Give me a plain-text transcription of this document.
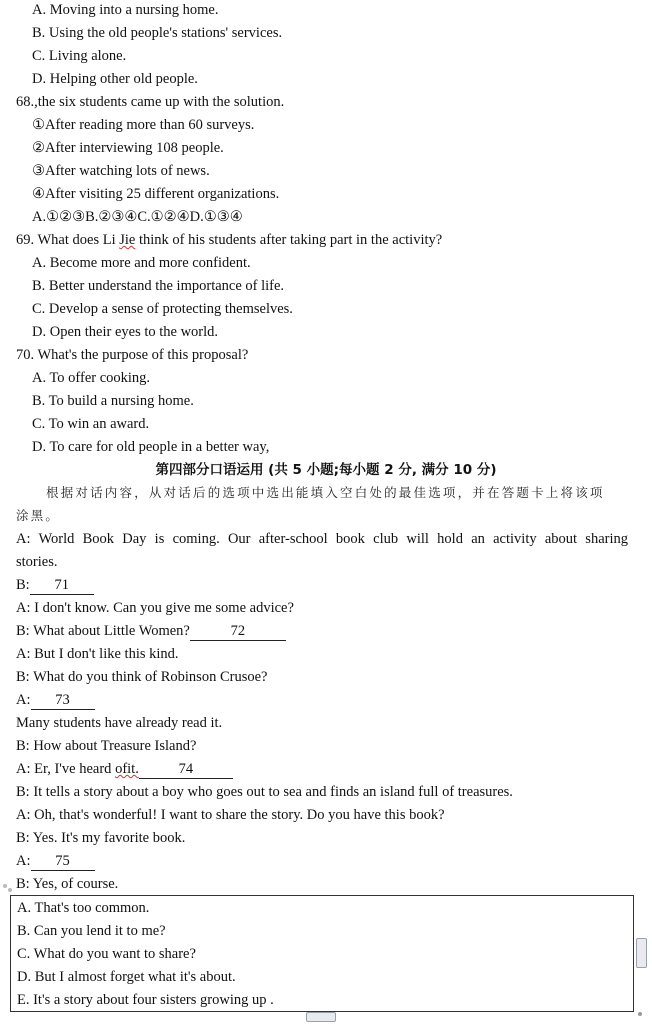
A. Moving into a nursing home.
B. Using the old people's stations' services.
C. Living alone.
D. Helping other old people.
68.,the six students came up with the solution.
①After reading more than 60 surveys.
②After interviewing 108 people.
③After watching lots of news.
④After visiting 25 different organizations.
A.①②③B.②③④C.①②④D.①③④
69. What does Li Jie think of his students after taking part in the activity?
A. Become more and more confident.
B. Better understand the importance of life.
C. Develop a sense of protecting themselves.
D. Open their eyes to the world.
70. What's the purpose of this proposal?
A. To offer cooking.
B. To build a nursing home.
C. To win an award.
D. To care for old people in a better way,
第四部分口语运用 (共 5 小题;每小题 2 分, 满分 10 分)
根据对话内容，从对话后的选项中选出能填入空白处的最佳选项，并在答题卡上将该项
涂黑。
A: World Book Day is coming. Our after-school book club will hold an activity about sharing
stories.
B: 71
A: I don't know. Can you give me some advice?
B: What about Little Women?	72
A: But I don't like this kind.
B: What do you think of Robinson Crusoe?
A: 73
Many students have already read it.
B: How about Treasure Island?
A: Er, I've heard ofit.	74
B: It tells a story about a boy who goes out to sea and finds an island full of treasures.
A: Oh, that's wonderful! I want to share the story. Do you have this book?
B: Yes. It's my favorite book.
A: 75
B: Yes, of course.
A. That's too common.
B. Can you lend it to me?
C. What do you want to share?
D. But I almost forget what it's about.
E. It's a story about four sisters growing up .
